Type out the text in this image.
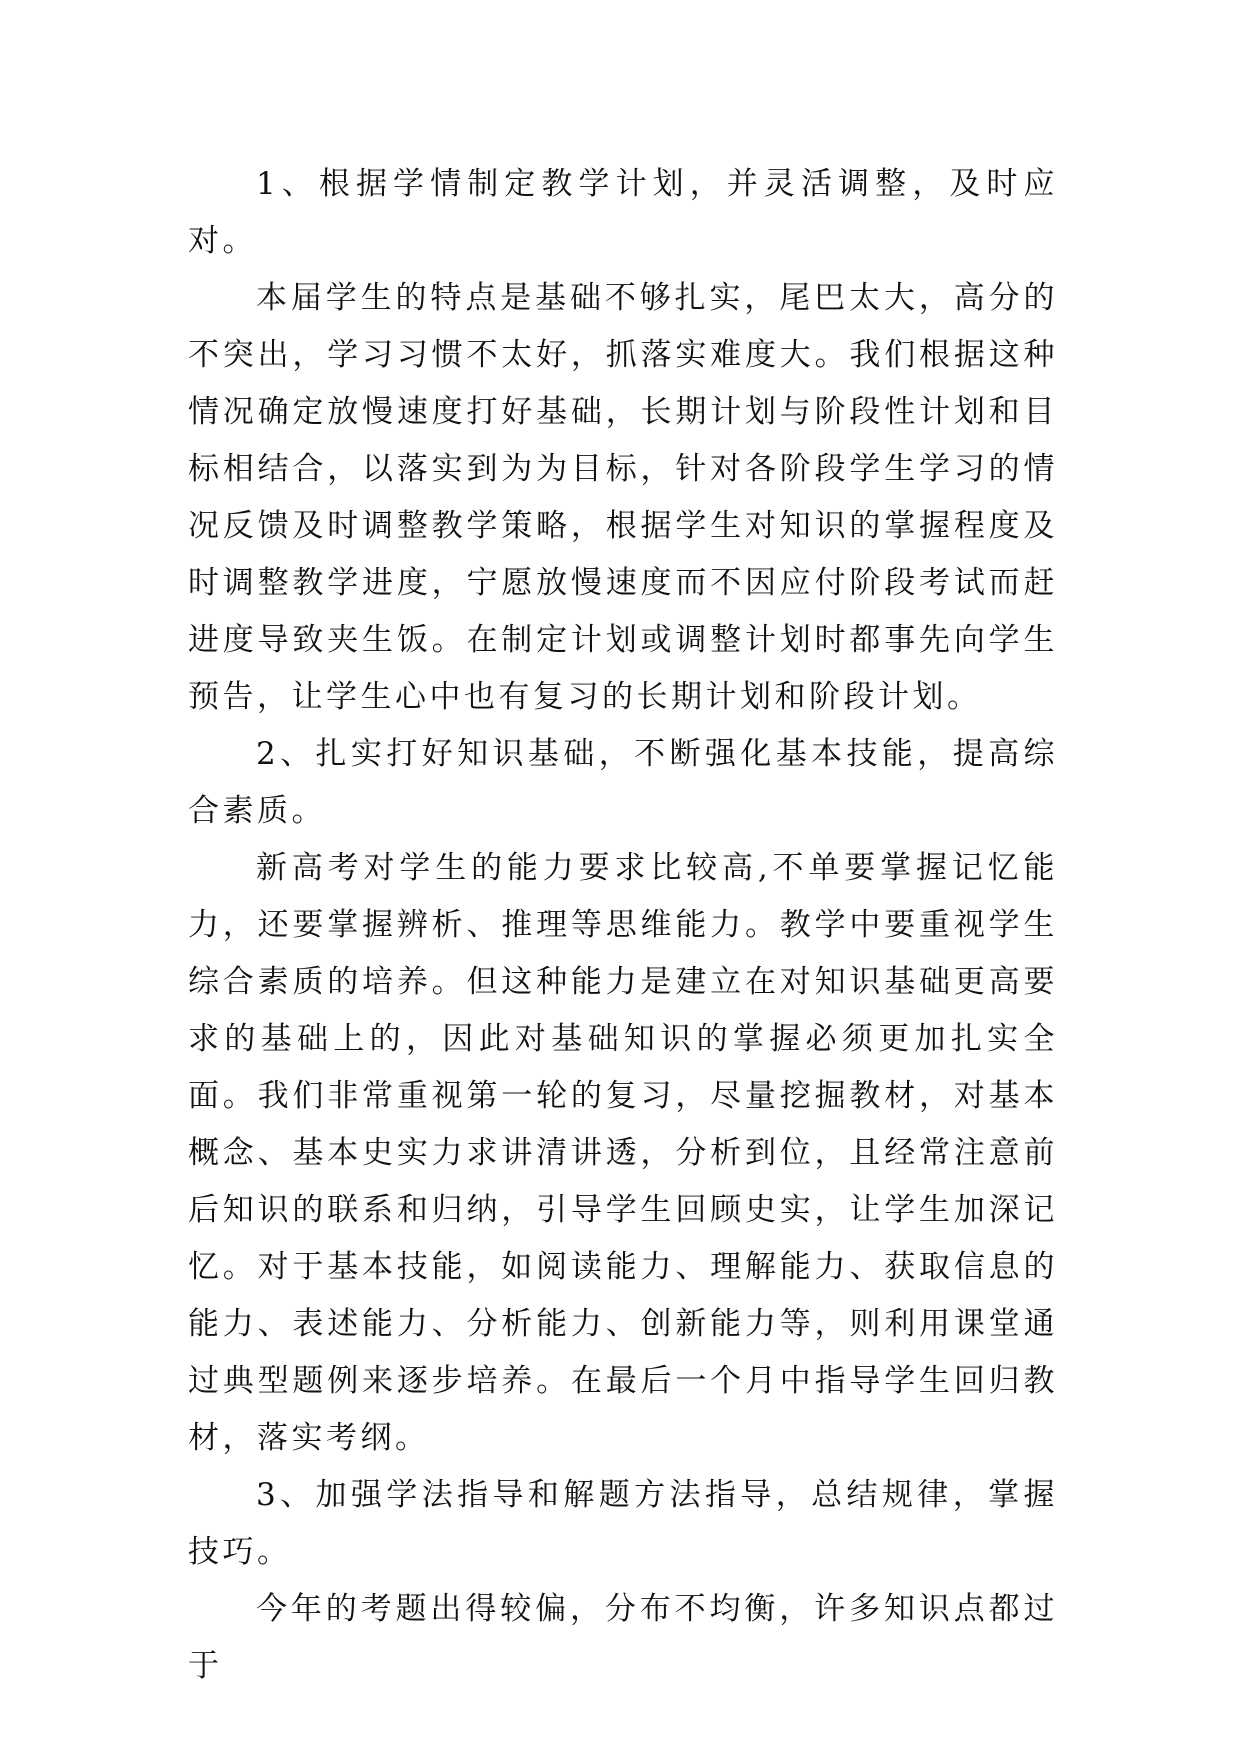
1、根据学情制定教学计划，并灵活调整，及时应对。

本届学生的特点是基础不够扎实，尾巴太大，高分的不突出，学习习惯不太好，抓落实难度大。我们根据这种情况确定放慢速度打好基础，长期计划与阶段性计划和目标相结合，以落实到为为目标，针对各阶段学生学习的情况反馈及时调整教学策略，根据学生对知识的掌握程度及时调整教学进度，宁愿放慢速度而不因应付阶段考试而赶进度导致夹生饭。在制定计划或调整计划时都事先向学生预告，让学生心中也有复习的长期计划和阶段计划。

2、扎实打好知识基础，不断强化基本技能，提高综合素质。

新高考对学生的能力要求比较高,不单要掌握记忆能力，还要掌握辨析、推理等思维能力。教学中要重视学生综合素质的培养。但这种能力是建立在对知识基础更高要求的基础上的，因此对基础知识的掌握必须更加扎实全面。我们非常重视第一轮的复习，尽量挖掘教材，对基本概念、基本史实力求讲清讲透，分析到位，且经常注意前后知识的联系和归纳，引导学生回顾史实，让学生加深记忆。对于基本技能，如阅读能力、理解能力、获取信息的能力、表述能力、分析能力、创新能力等，则利用课堂通过典型题例来逐步培养。在最后一个月中指导学生回归教材，落实考纲。

3、加强学法指导和解题方法指导，总结规律，掌握技巧。

今年的考题出得较偏，分布不均衡，许多知识点都过于
